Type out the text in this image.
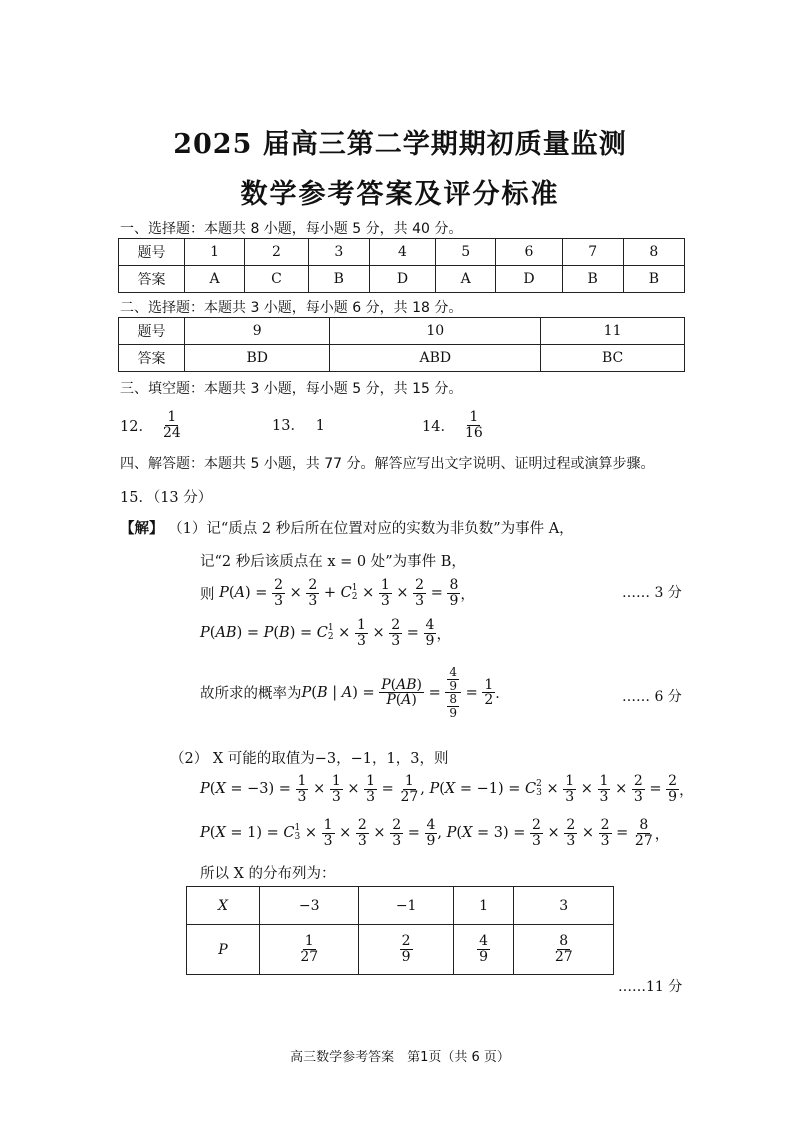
2025 届高三第二学期期初质量监测
数学参考答案及评分标准
一、选择题：本题共 8 小题，每小题 5 分，共 40 分。
题号	1	2	3	4	5	6	7	8
答案	A	C	B	D	A	D	B	B
二、选择题：本题共 3 小题，每小题 6 分，共 18 分。
题号	9	10	11
答案	BD	ABD	BC
三、填空题：本题共 3 小题，每小题 5 分，共 15 分。
12． $\frac{1}{24}$	13． 1	14． $\frac{1}{16}$
四、解答题：本题共 5 小题，共 77 分。解答应写出文字说明、证明过程或演算步骤。
15．（13 分）
【解】 （1）记“质点 2 秒后所在位置对应的实数为非负数”为事件 A，
记“2 秒后该质点在 x = 0 处”为事件 B，
则 $P(A) = \frac{2}{3} \times \frac{2}{3} + C$ 1
$2 \times \frac{1}{3} \times \frac{2}{3} = \frac{8}{9}$ ，	…… 3 分
P(AB) = P(B) = C 1
$2 \times \frac{1}{3} \times \frac{2}{3} = \frac{4}{9}$ ，
故所求的概率为 P(B | $A) = \frac{P(AB)}{P(A)} = \frac{\frac{4}{9}}{\frac{8}{9}} = \frac{1}{2}$ ．	…… 6 分
（2） X 可能的取值为−3，−1，1，3，则
$P(X = -3) = \frac{1}{3} \times \frac{1}{3} \times \frac{1}{3} = \frac{1}{27}$ , P(X = −1) = C 2
$3 \times \frac{1}{3} \times \frac{1}{3} \times \frac{2}{3} = \frac{2}{9}$ ，
P(X = 1) = C 1
$3 \times \frac{1}{3} \times \frac{2}{3} \times \frac{2}{3} = \frac{4}{9}$ , $P(X = 3) = \frac{2}{3} \times \frac{2}{3} \times \frac{2}{3} = \frac{8}{27}$ ，
所以 X 的分布列为：
X	−3	−1	1	3
P	$\frac{1}{27}$	$\frac{2}{9}$	$\frac{4}{9}$	$\frac{8}{27}$
……11 分
高三数学参考答案　第1页（共 6 页）
